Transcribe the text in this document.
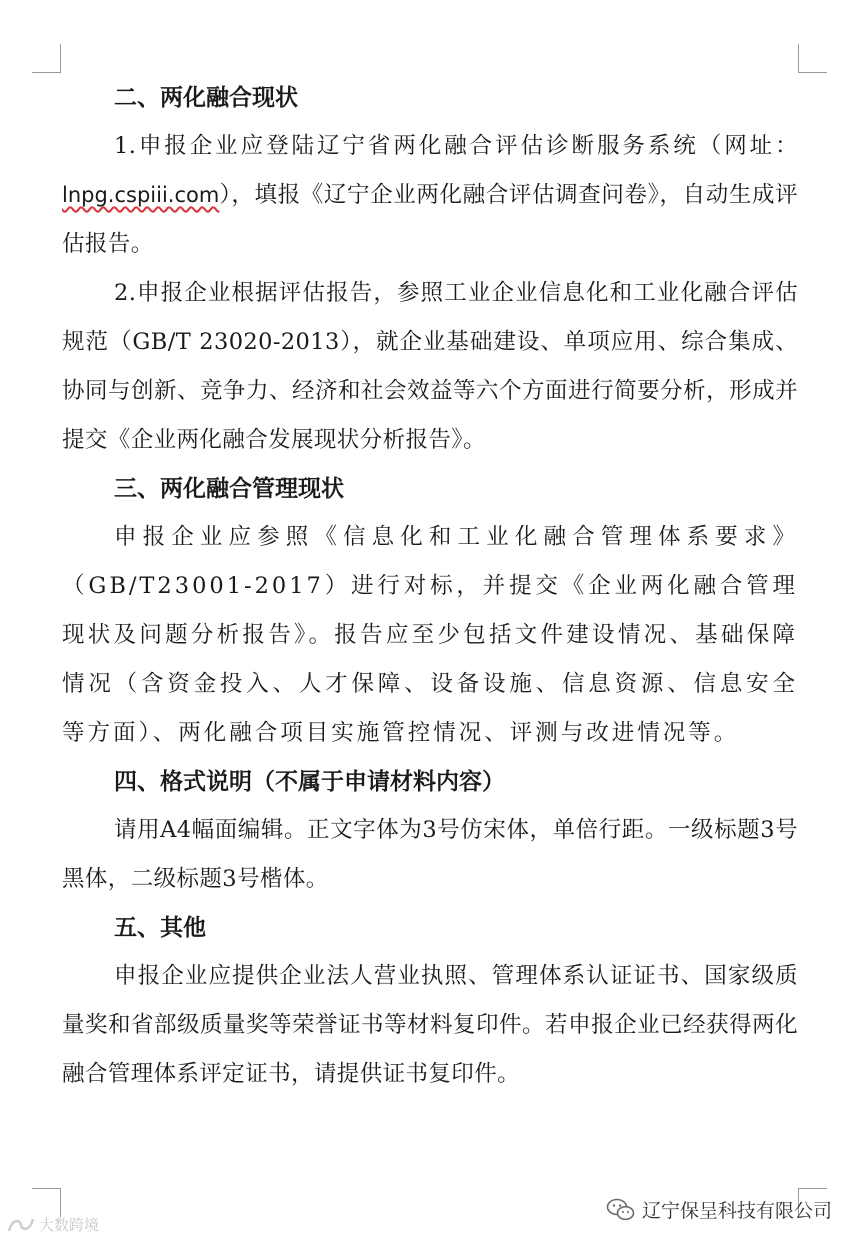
二、两化融合现状

1.申报企业应登陆辽宁省两化融合评估诊断服务系统（网址：lnpg.cspiii.com），填报《辽宁企业两化融合评估调查问卷》，自动生成评估报告。

2.申报企业根据评估报告，参照工业企业信息化和工业化融合评估规范（GB/T 23020-2013），就企业基础建设、单项应用、综合集成、协同与创新、竞争力、经济和社会效益等六个方面进行简要分析，形成并提交《企业两化融合发展现状分析报告》。

三、两化融合管理现状

申报企业应参照《信息化和工业化融合管理体系要求》（GB/T23001-2017）进行对标，并提交《企业两化融合管理现状及问题分析报告》。报告应至少包括文件建设情况、基础保障情况（含资金投入、人才保障、设备设施、信息资源、信息安全等方面）、两化融合项目实施管控情况、评测与改进情况等。

四、格式说明（不属于申请材料内容）

请用A4幅面编辑。正文字体为3号仿宋体，单倍行距。一级标题3号黑体，二级标题3号楷体。

五、其他

申报企业应提供企业法人营业执照、管理体系认证证书、国家级质量奖和省部级质量奖等荣誉证书等材料复印件。若申报企业已经获得两化融合管理体系评定证书，请提供证书复印件。

大数跨境
辽宁保呈科技有限公司
